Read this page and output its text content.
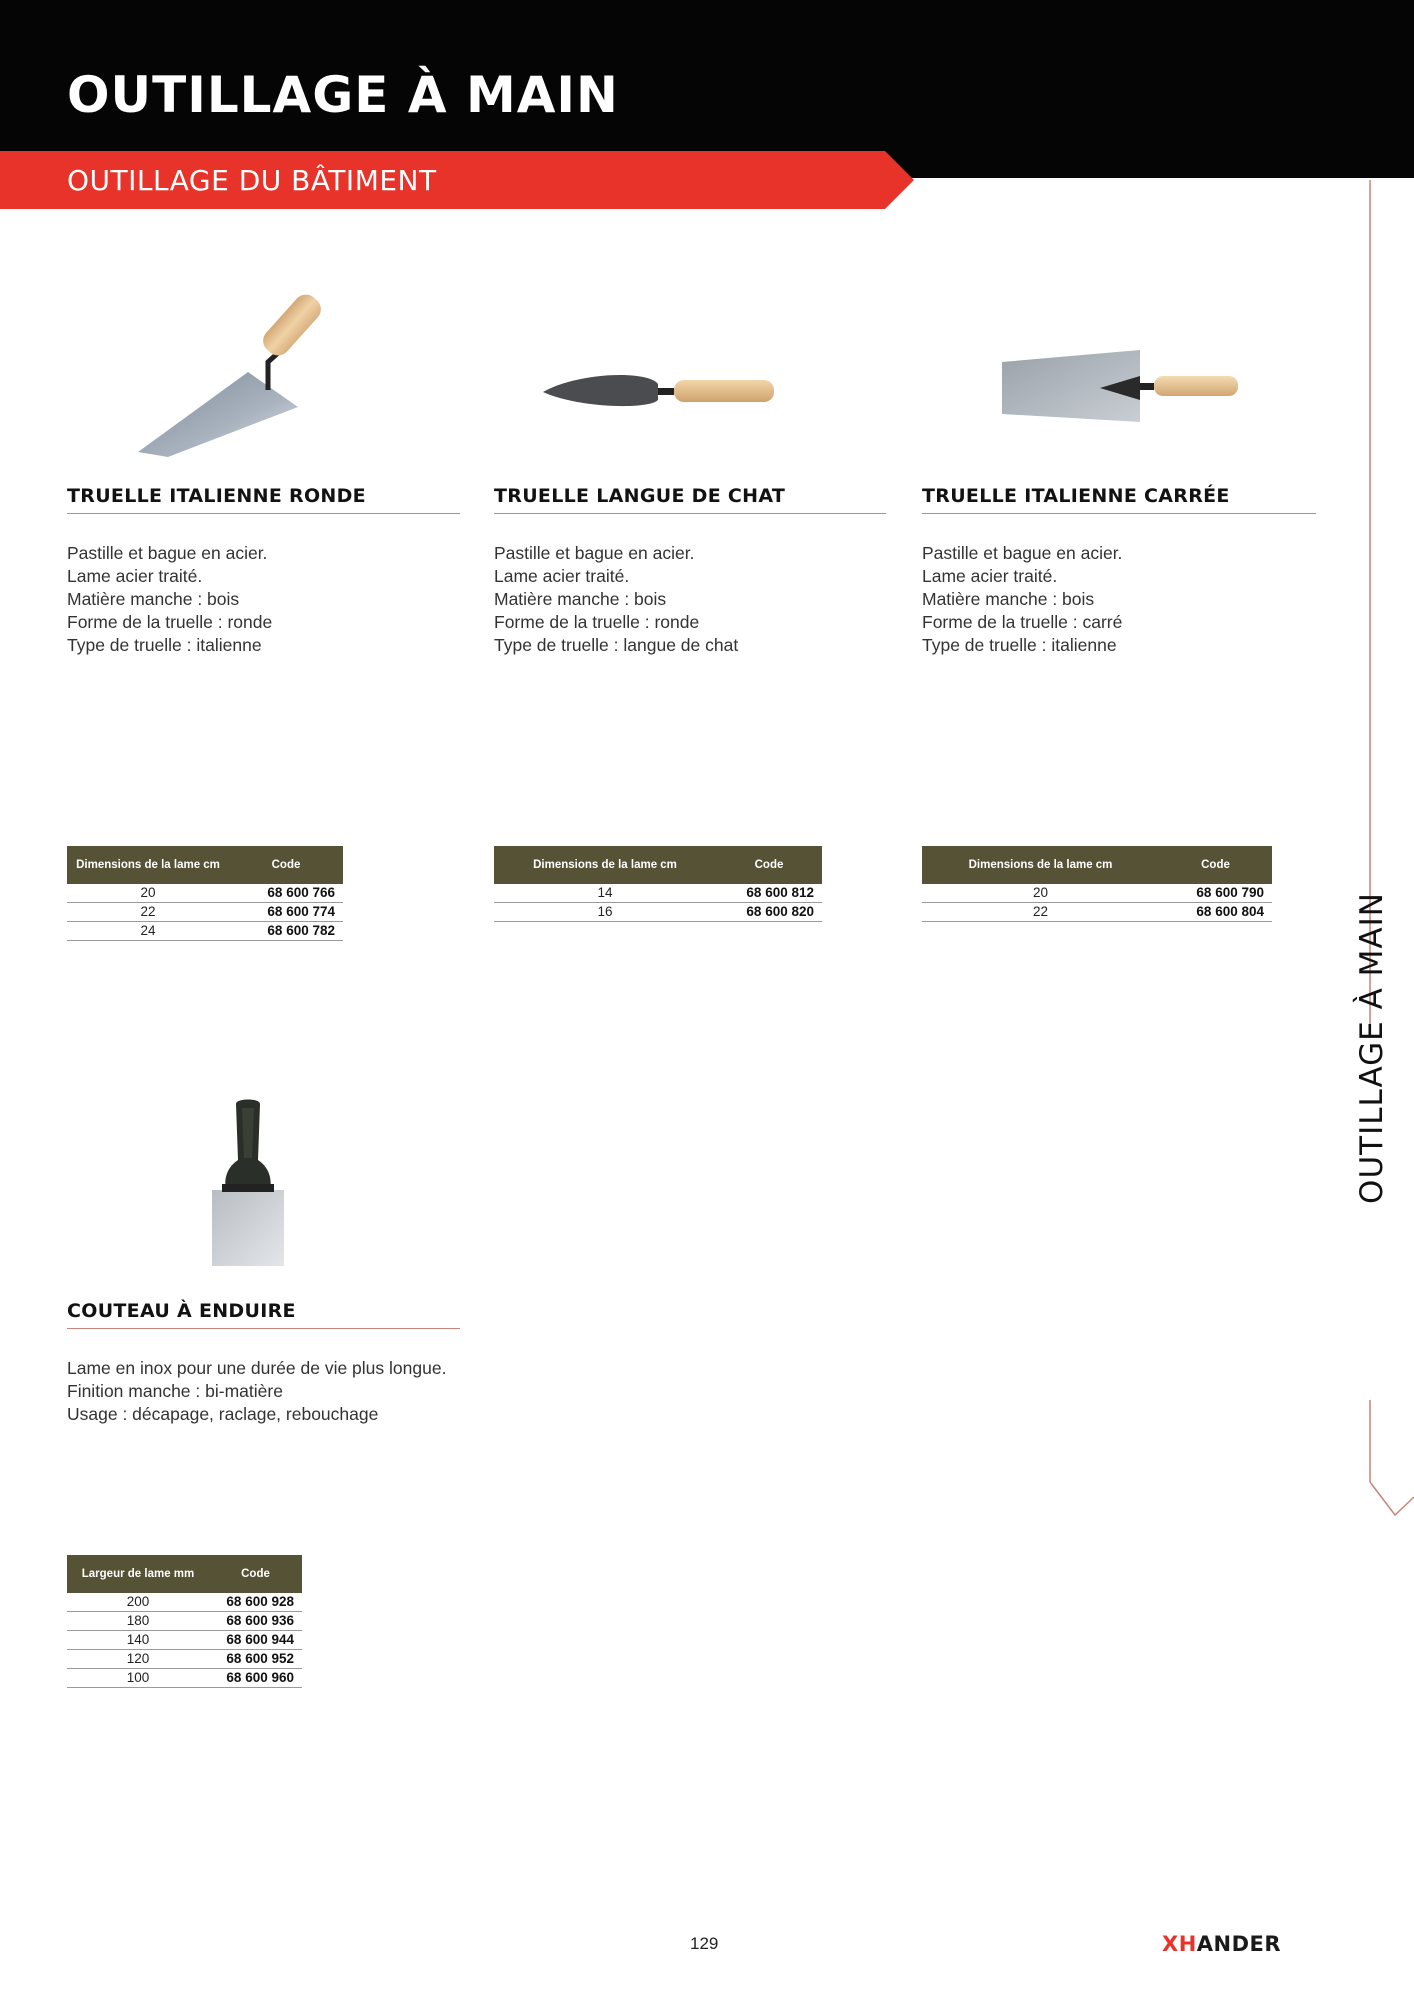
OUTILLAGE À MAIN
OUTILLAGE DU BÂTIMENT
OUTILLAGE À MAIN
TRUELLE ITALIENNE RONDE
Pastille et bague en acier.
Lame acier traité.
Matière manche : bois
Forme de la truelle : ronde
Type de truelle : italienne
Dimensions de la lame cm	Code
20	68 600 766
22	68 600 774
24	68 600 782
TRUELLE LANGUE DE CHAT
Pastille et bague en acier.
Lame acier traité.
Matière manche : bois
Forme de la truelle : ronde
Type de truelle : langue de chat
Dimensions de la lame cm	Code
14	68 600 812
16	68 600 820
TRUELLE ITALIENNE CARRÉE
Pastille et bague en acier.
Lame acier traité.
Matière manche : bois
Forme de la truelle : carré
Type de truelle : italienne
Dimensions de la lame cm	Code
20	68 600 790
22	68 600 804
COUTEAU À ENDUIRE
Lame en inox pour une durée de vie plus longue.
Finition manche : bi-matière
Usage : décapage, raclage, rebouchage
Largeur de lame mm	Code
200	68 600 928
180	68 600 936
140	68 600 944
120	68 600 952
100	68 600 960
129	XHANDER
